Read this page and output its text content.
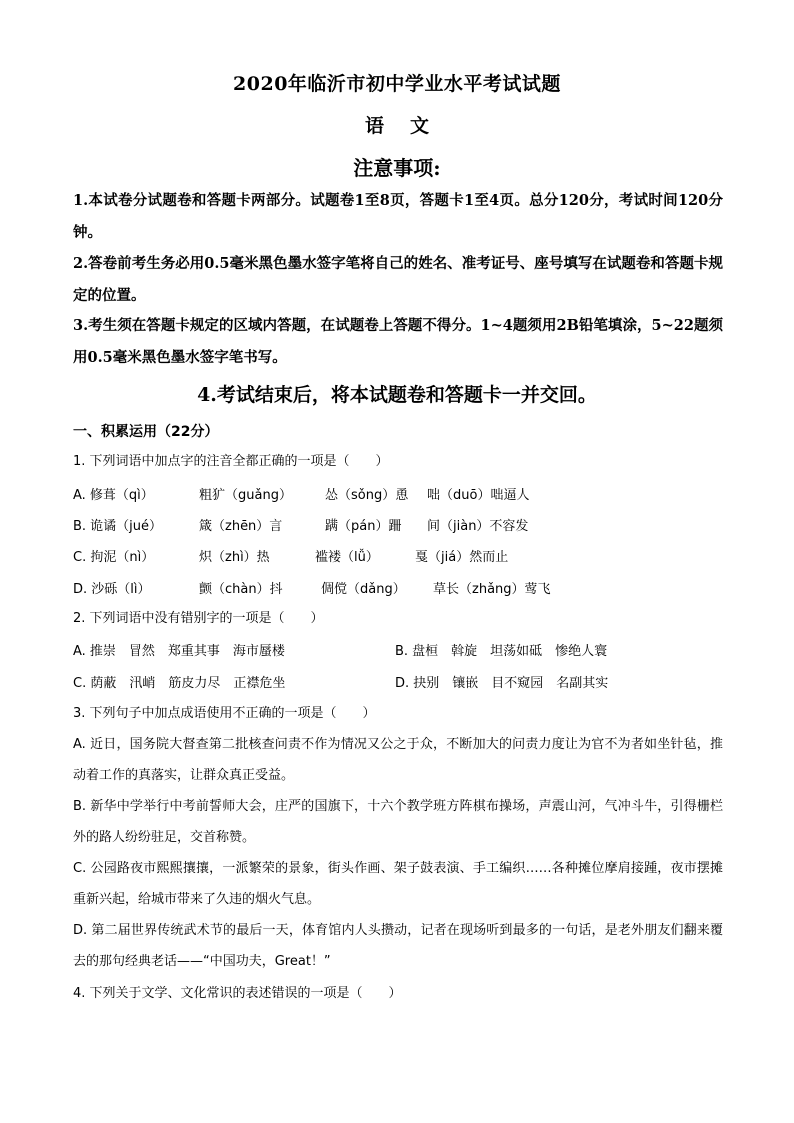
2020年临沂市初中学业水平考试试题
语文
注意事项:
1.本试卷分试题卷和答题卡两部分。试题卷1至8页，答题卡1至4页。总分120分，考试时间120分钟。
2.答卷前考生务必用0.5毫米黑色墨水签字笔将自己的姓名、准考证号、座号填写在试题卷和答题卡规定的位置。
3.考生须在答题卡规定的区域内答题，在试题卷上答题不得分。1~4题须用2B铅笔填涂，5~22题须用0.5毫米黑色墨水签字笔书写。
4.考试结束后，将本试题卷和答题卡一并交回。
一、积累运用（22分）
1. 下列词语中加点字的注音全都正确的一项是（　　）
A. 修葺（qì）	粗犷（guǎng）	怂（sǒng）恿 咄（duō）咄逼人
B. 诡谲（jué）	箴（zhēn）言	蹒（pán）跚 间（jiàn）不容发
C. 拘泥（nì）	炽（zhì）热	褴褛（lǚ）	戛（jiá）然而止
D. 沙砾（lì）	颤（chàn）抖	倜傥（dǎng） 草长（zhǎng）莺飞
2. 下列词语中没有错别字的一项是（　　）
A. 推崇　冒然　郑重其事　海市蜃楼	B. 盘桓　斡旋　坦荡如砥　惨绝人寰
C. 荫蔽　汛峭　筋皮力尽　正襟危坐	D. 抉别　镶嵌　目不窥园　名副其实
3. 下列句子中加点成语使用不正确的一项是（　　）
A. 近日，国务院大督查第二批核查问责不作为情况又公之于众，不断加大的问责力度让为官不为者如坐针毡，推动着工作的真落实，让群众真正受益。
B. 新华中学举行中考前誓师大会，庄严的国旗下，十六个教学班方阵棋布操场，声震山河，气冲斗牛，引得栅栏外的路人纷纷驻足，交首称赞。
C. 公园路夜市熙熙攘攘，一派繁荣的景象，街头作画、架子鼓表演、手工编织……各种摊位摩肩接踵，夜市摆摊重新兴起，给城市带来了久违的烟火气息。
D. 第二届世界传统武术节的最后一天，体育馆内人头攒动，记者在现场听到最多的一句话，是老外朋友们翻来覆去的那句经典老话——“中国功夫，Great！”
4. 下列关于文学、文化常识的表述错误的一项是（　　）
